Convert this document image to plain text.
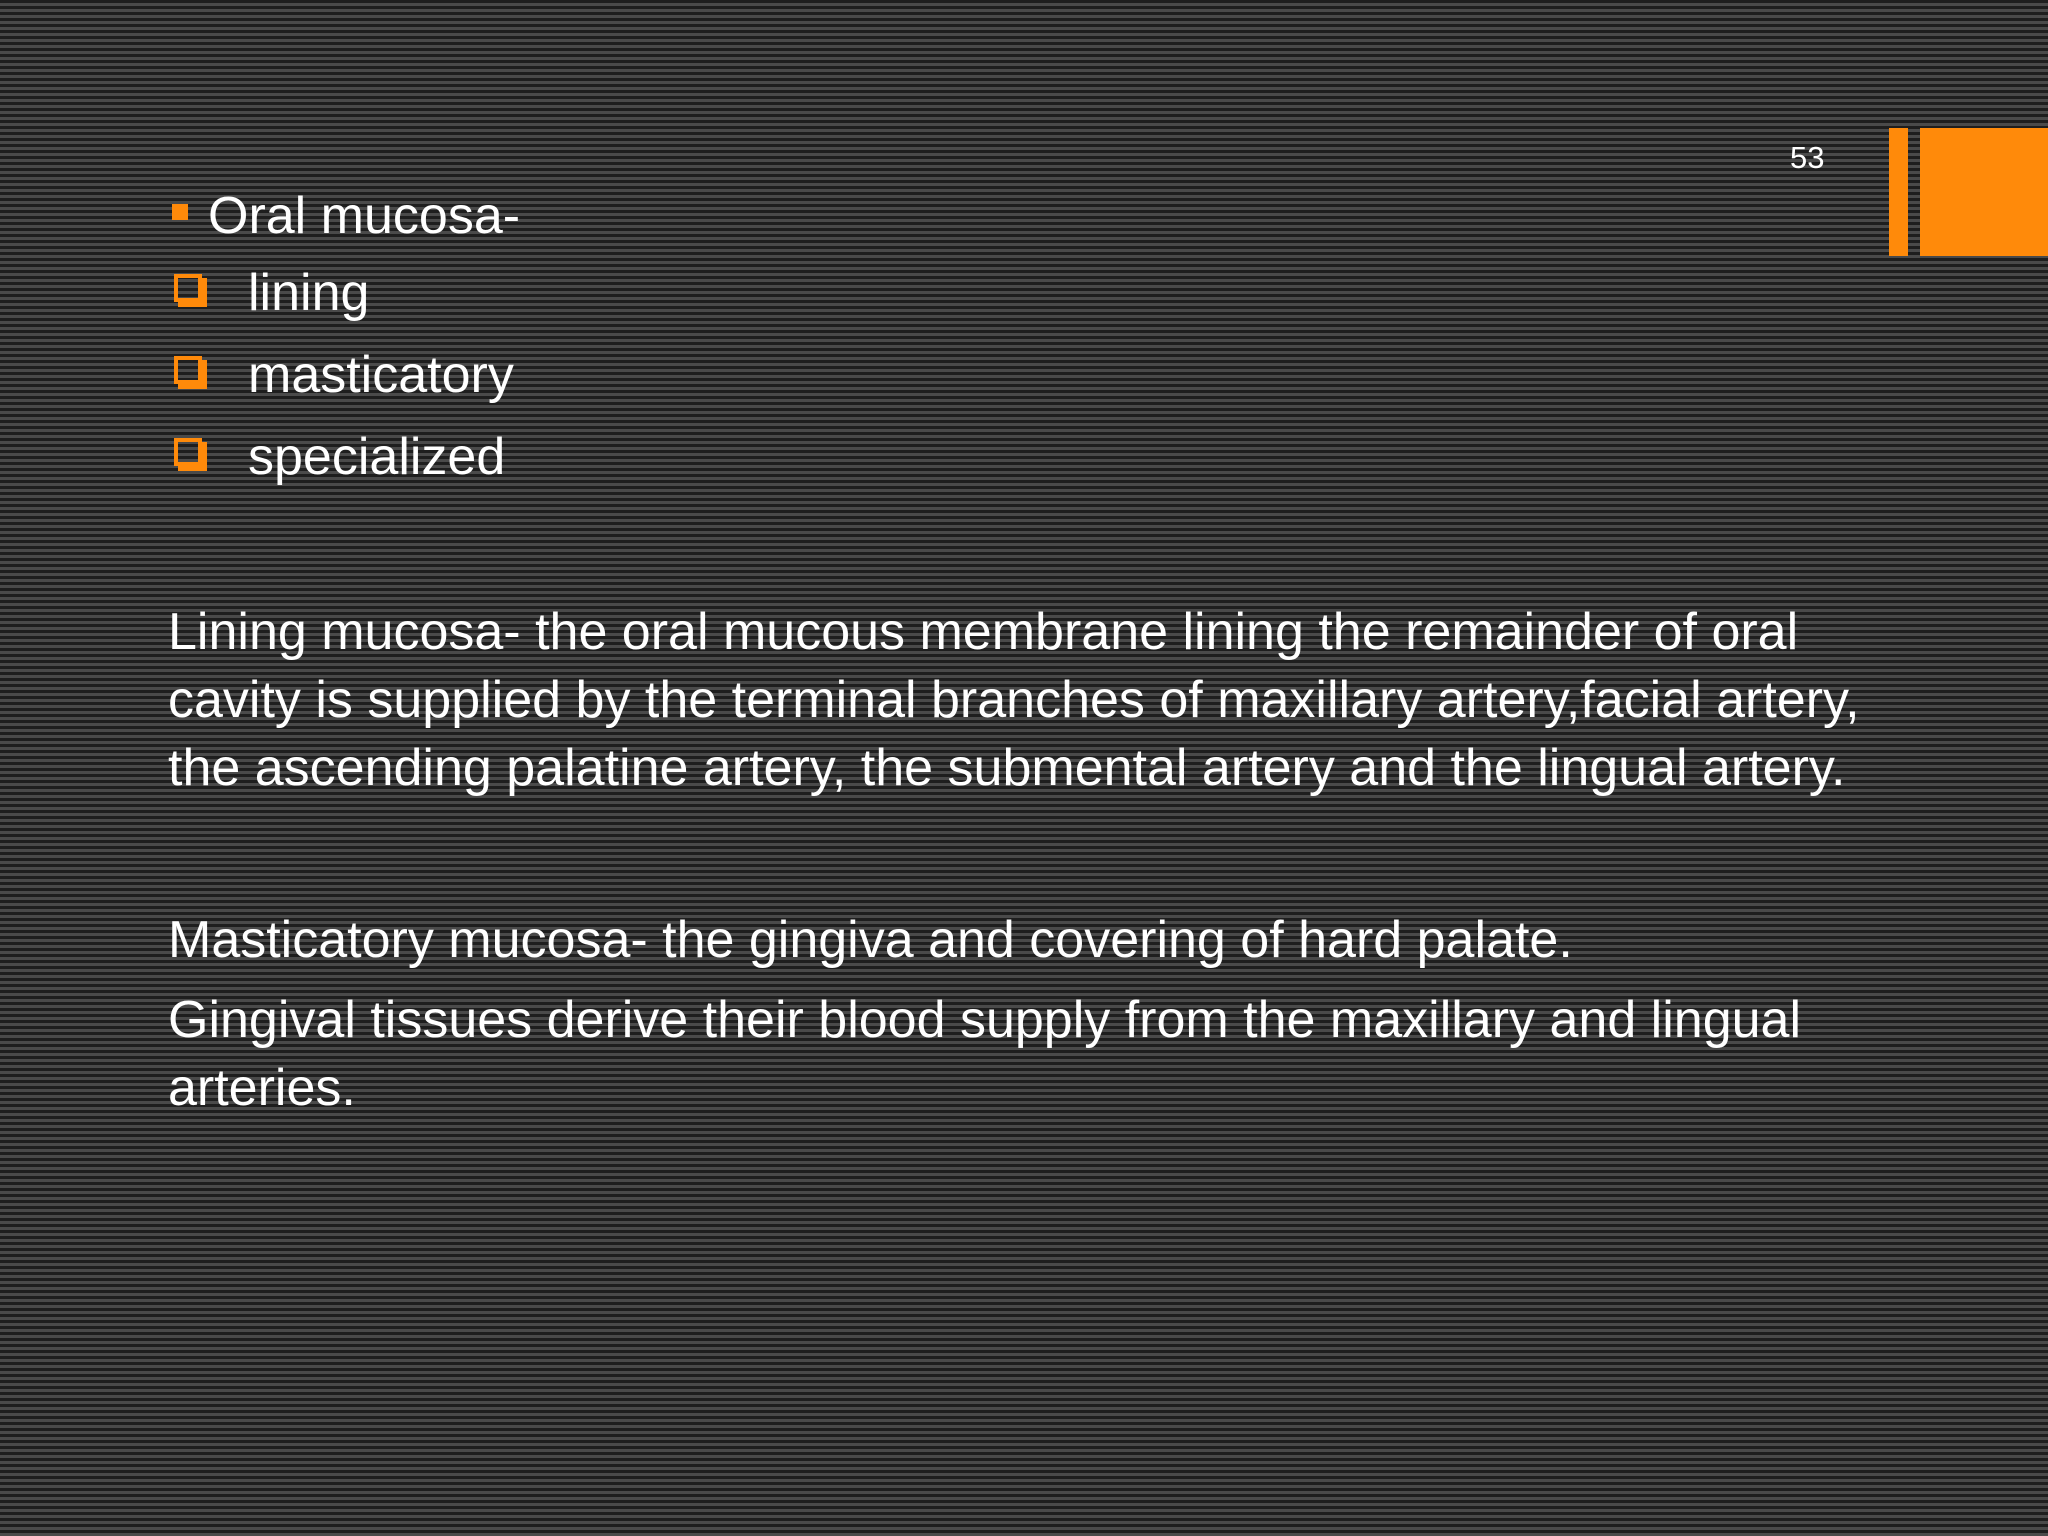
53
Oral mucosa-
lining
masticatory
specialized

Lining mucosa- the oral mucous membrane lining the remainder of oral cavity is supplied by the terminal branches of maxillary artery,facial artery, the ascending palatine artery, the submental artery and the lingual artery.

Masticatory mucosa- the gingiva and covering of hard palate.

Gingival tissues derive their blood supply from the maxillary and lingual arteries.
